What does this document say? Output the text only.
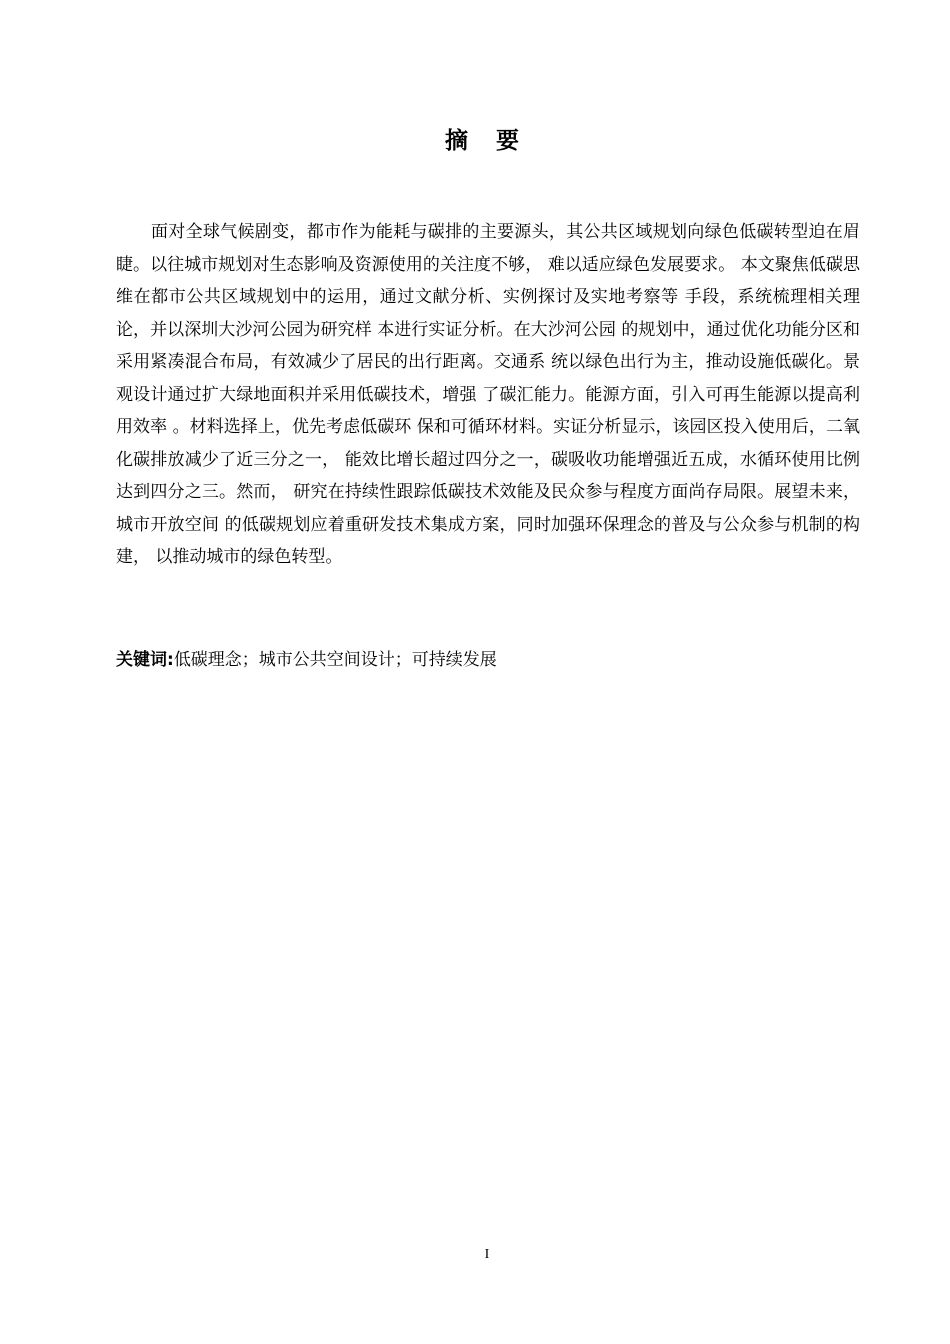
摘 要

面对全球气候剧变，都市作为能耗与碳排的主要源头，其公共区域规划向绿色低碳转型迫在眉睫。以往城市规划对生态影响及资源使用的关注度不够， 难以适应绿色发展要求。 本文聚焦低碳思维在都市公共区域规划中的运用，通过文献分析、实例探讨及实地考察等 手段，系统梳理相关理论，并以深圳大沙河公园为研究样 本进行实证分析。在大沙河公园 的规划中，通过优化功能分区和采用紧凑混合布局，有效减少了居民的出行距离。交通系 统以绿色出行为主，推动设施低碳化。景观设计通过扩大绿地面积并采用低碳技术，增强 了碳汇能力。能源方面，引入可再生能源以提高利用效率 。材料选择上，优先考虑低碳环 保和可循环材料。实证分析显示，该园区投入使用后，二氧化碳排放减少了近三分之一， 能效比增长超过四分之一，碳吸收功能增强近五成，水循环使用比例达到四分之三。然而， 研究在持续性跟踪低碳技术效能及民众参与程度方面尚存局限。展望未来，城市开放空间 的低碳规划应着重研发技术集成方案，同时加强环保理念的普及与公众参与机制的构建， 以推动城市的绿色转型。

关键词:低碳理念；城市公共空间设计；可持续发展

I
